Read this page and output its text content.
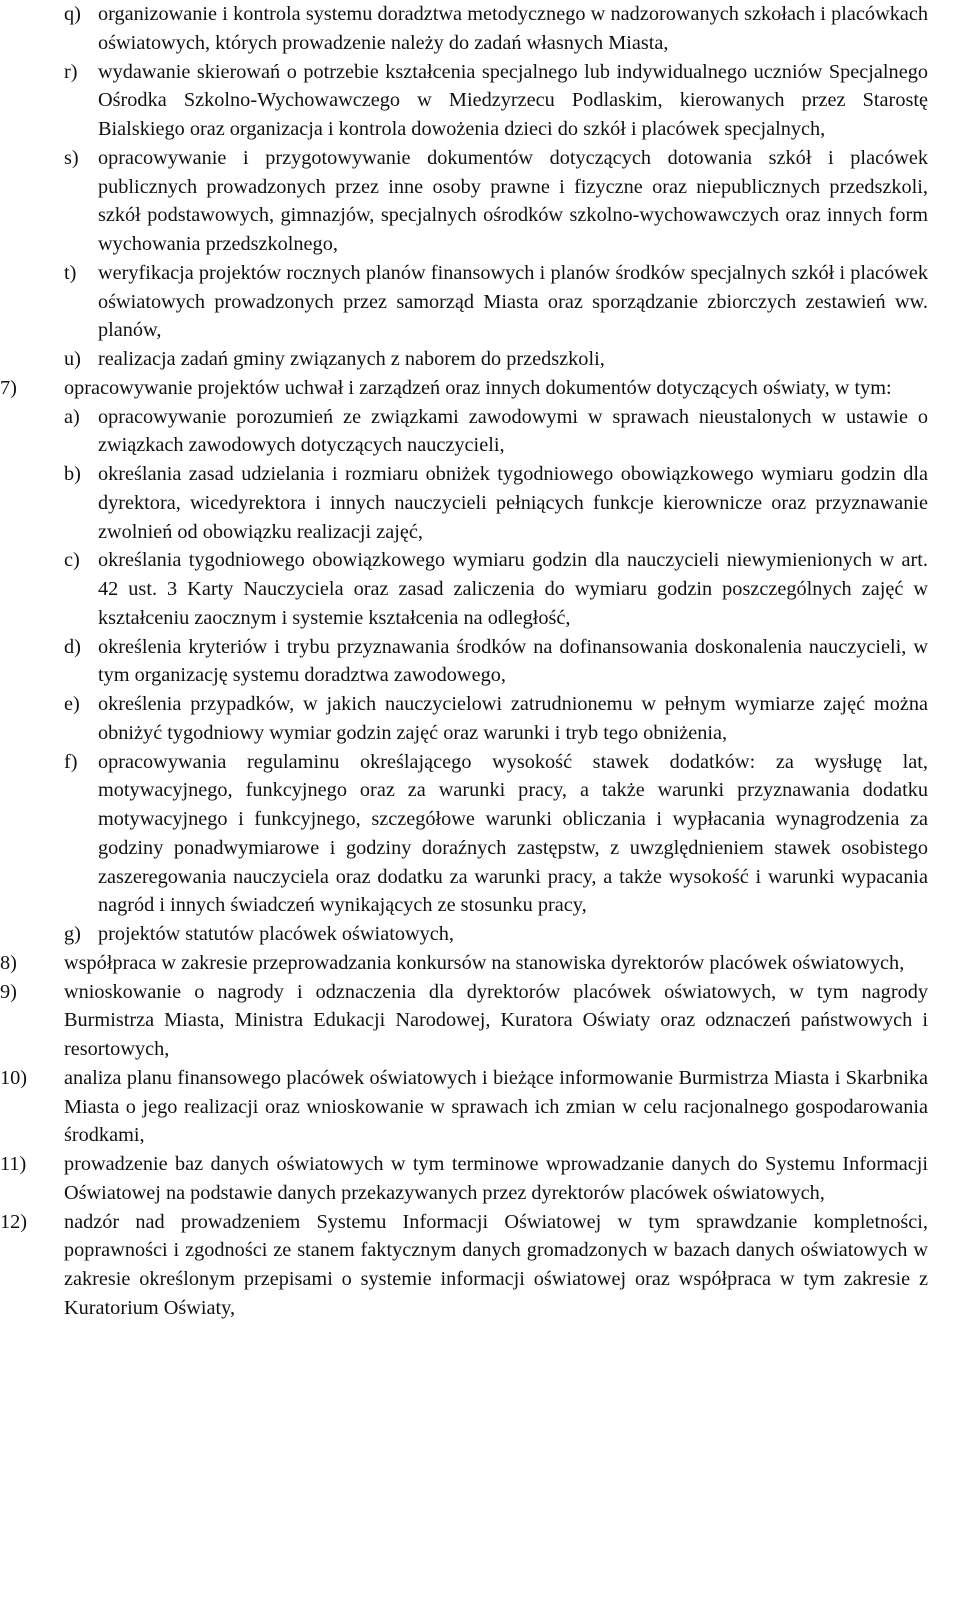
q) organizowanie i kontrola systemu doradztwa metodycznego w nadzorowanych szkołach i placówkach oświatowych, których prowadzenie należy do zadań własnych Miasta,

r) wydawanie skierowań o potrzebie kształcenia specjalnego lub indywidualnego uczniów Specjalnego Ośrodka Szkolno-Wychowawczego w Miedzyrzecu Podlaskim, kierowanych przez Starostę Bialskiego oraz organizacja i kontrola dowożenia dzieci do szkół i placówek specjalnych,

s) opracowywanie i przygotowywanie dokumentów dotyczących dotowania szkół i placówek publicznych prowadzonych przez inne osoby prawne i fizyczne oraz niepublicznych przedszkoli, szkół podstawowych, gimnazjów, specjalnych ośrodków szkolno-wychowawczych oraz innych form wychowania przedszkolnego,

t) weryfikacja projektów rocznych planów finansowych i planów środków specjalnych szkół i placówek oświatowych prowadzonych przez samorząd Miasta oraz sporządzanie zbiorczych zestawień ww. planów,

u) realizacja zadań gminy związanych z naborem do przedszkoli,

7) opracowywanie projektów uchwał i zarządzeń oraz innych dokumentów dotyczących oświaty, w tym:

a) opracowywanie porozumień ze związkami zawodowymi w sprawach nieustalonych w ustawie o związkach zawodowych dotyczących nauczycieli,

b) określania zasad udzielania i rozmiaru obniżek tygodniowego obowiązkowego wymiaru godzin dla dyrektora, wicedyrektora i innych nauczycieli pełniących funkcje kierownicze oraz przyznawanie zwolnień od obowiązku realizacji zajęć,

c) określania tygodniowego obowiązkowego wymiaru godzin dla nauczycieli niewymienionych w art. 42 ust. 3 Karty Nauczyciela oraz zasad zaliczenia do wymiaru godzin poszczególnych zajęć w kształceniu zaocznym i systemie kształcenia na odległość,

d) określenia kryteriów i trybu przyznawania środków na dofinansowania doskonalenia nauczycieli, w tym organizację systemu doradztwa zawodowego,

e) określenia przypadków, w jakich nauczycielowi zatrudnionemu w pełnym wymiarze zajęć można obniżyć tygodniowy wymiar godzin zajęć oraz warunki i tryb tego obniżenia,

f) opracowywania regulaminu określającego wysokość stawek dodatków: za wysługę lat, motywacyjnego, funkcyjnego oraz za warunki pracy, a także warunki przyznawania dodatku motywacyjnego i funkcyjnego, szczegółowe warunki obliczania i wypłacania wynagrodzenia za godziny ponadwymiarowe i godziny doraźnych zastępstw, z uwzględnieniem stawek osobistego zaszeregowania nauczyciela oraz dodatku za warunki pracy, a także wysokość i warunki wypacania nagród i innych świadczeń wynikających ze stosunku pracy,

g) projektów statutów placówek oświatowych,

8) współpraca w zakresie przeprowadzania konkursów na stanowiska dyrektorów placówek oświatowych,

9) wnioskowanie o nagrody i odznaczenia dla dyrektorów placówek oświatowych, w tym nagrody Burmistrza Miasta, Ministra Edukacji Narodowej, Kuratora Oświaty oraz odznaczeń państwowych i resortowych,

10) analiza planu finansowego placówek oświatowych i bieżące informowanie Burmistrza Miasta i Skarbnika Miasta o jego realizacji oraz wnioskowanie w sprawach ich zmian w celu racjonalnego gospodarowania środkami,

11) prowadzenie baz danych oświatowych w tym terminowe wprowadzanie danych do Systemu Informacji Oświatowej na podstawie danych przekazywanych przez dyrektorów placówek oświatowych,

12) nadzór nad prowadzeniem Systemu Informacji Oświatowej w tym sprawdzanie kompletności, poprawności i zgodności ze stanem faktycznym danych gromadzonych w bazach danych oświatowych w zakresie określonym przepisami o systemie informacji oświatowej oraz współpraca w tym zakresie z Kuratorium Oświaty,
